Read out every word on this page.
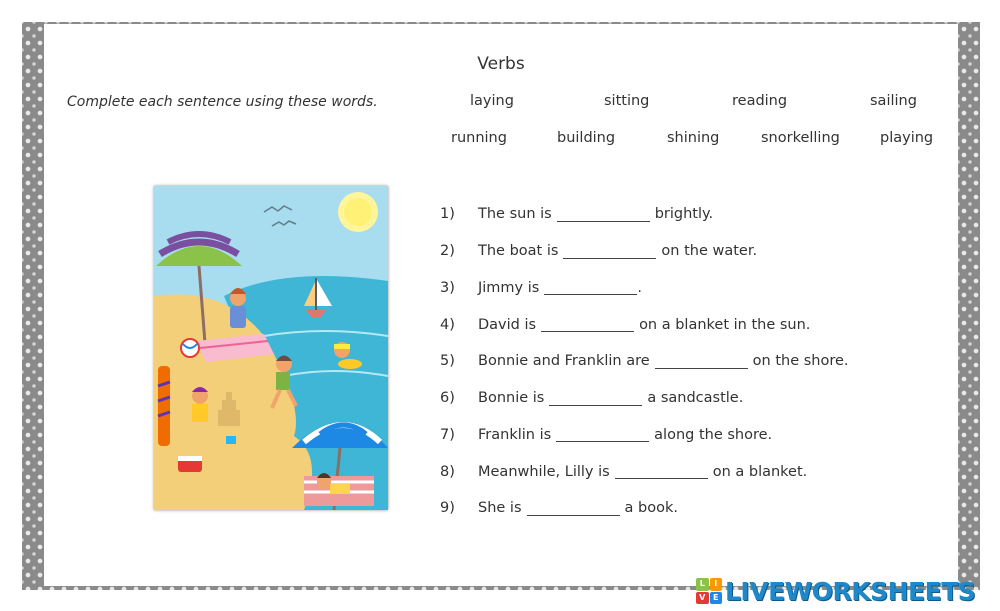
Verbs
Complete each sentence using these words.	laying	sitting	reading	sailing
running	building	shining	snorkelling	playing
1)	The sun is	brightly.
2)	The boat is	on the water.
3)	Jimmy is	.
4)	David is	on a blanket in the sun.
5)	Bonnie and Franklin are	on the shore.
6)	Bonnie is	a sandcastle.
7)	Franklin is	along the shore.
8)	Meanwhile, Lilly is	on a blanket.
9)	She is	a book.
L	I
V E LIVEWORKSHEETS
